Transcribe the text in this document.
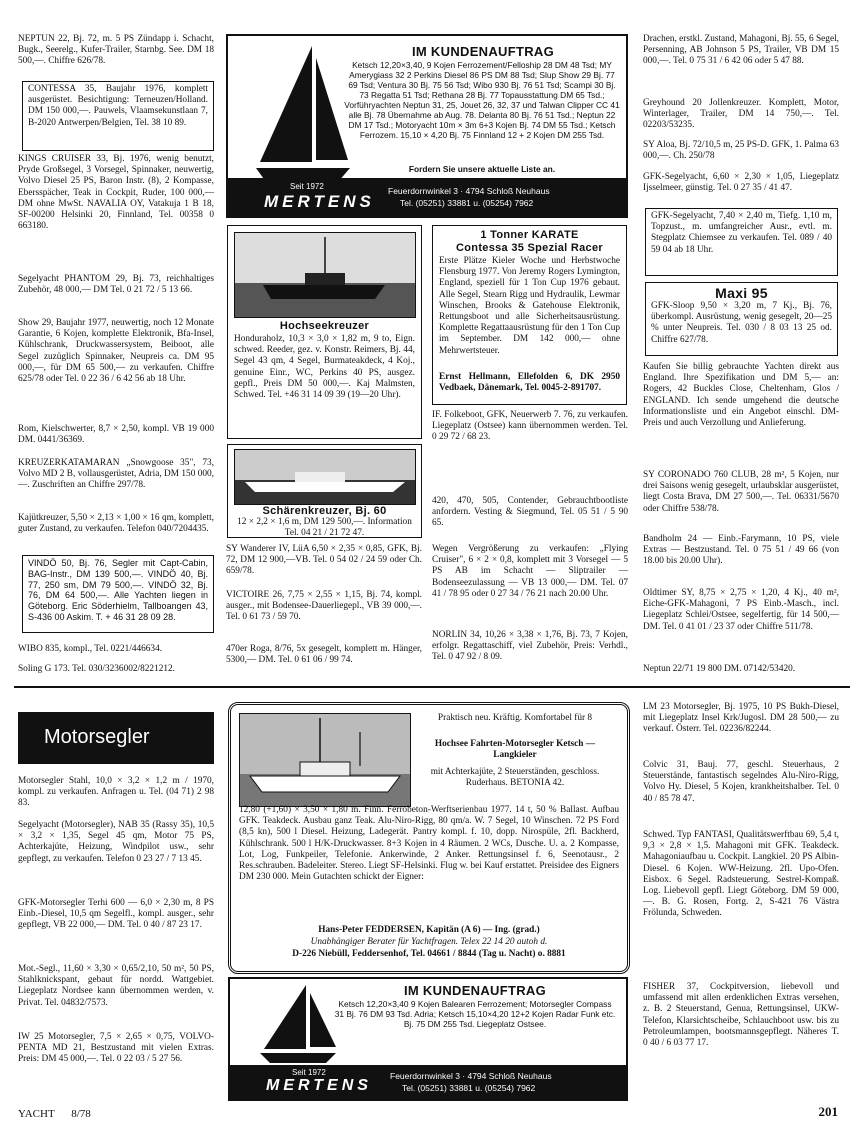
NEPTUN 22, Bj. 72, m. 5 PS Zündapp i. Schacht, Bugk., Seerelg., Kufer-Trailer, Starnbg. See. DM 18 500,—. Chiffre 626/78.

CONTESSA 35, Baujahr 1976, komplett ausgerüstet. Besichtigung: Terneuzen/Holland. DM 150 000,—. Pauwels, Vlaamsekunstlaan 7, B-2020 Antwerpen/Belgien, Tel. 38 10 89.

KINGS CRUISER 33, Bj. 1976, wenig benutzt, Pryde Großsegel, 3 Vorsegel, Spinnaker, neuwertig, Volvo Diesel 25 PS, Baron Instr. (8), 2 Kompasse, Ebersspächer, Teak in Cockpit, Ruder, 100 000,— DM ohne MwSt. NAVALIA OY, Vatakuja 1 B 18, SF-00200 Helsinki 20, Finnland, Tel. 00358 0 663180.

Segelyacht PHANTOM 29, Bj. 73, reichhaltiges Zubehör, 48 000,— DM Tel. 0 21 72 / 5 13 66.

Show 29, Baujahr 1977, neuwertig, noch 12 Monate Garantie, 6 Kojen, komplette Elektronik, Bfa-Insel, Kühlschrank, Druckwassersystem, Beiboot, alle Segel zuzüglich Spinnaker, Neupreis ca. DM 95 000,—, für DM 65 500,— zu verkaufen. Chiffre 625/78 oder Tel. 0 22 36 / 6 42 56 ab 18 Uhr.

Rom, Kielschwerter, 8,7 × 2,50, kompl. VB 19 000 DM. 0441/36369.

KREUZERKATAMARAN „Snowgoose 35", 73, Volvo MD 2 B, vollausgerüstet, Adria, DM 150 000,—. Zuschriften an Chiffre 297/78.

Kajütkreuzer, 5,50 × 2,13 × 1,00 × 16 qm, komplett, guter Zustand, zu verkaufen. Telefon 040/7204435.

VINDÖ 50, Bj. 76, Segler mit Capt-Cabin, BAG-Instr., DM 139 500,—. VINDÖ 40, Bj. 77, 250 sm, DM 79 500,—. VINDÖ 32, Bj. 76, DM 64 500,—. Alle Yachten liegen in Göteborg. Eric Söderhielm, Tallboangen 43, S-436 00 Askim. T. + 46 31 28 09 28.

WIBO 835, kompl., Tel. 0221/446634.

Soling G 173. Tel. 030/3236002/8221212.

IM KUNDENAUFTRAG
Ketsch 12,20×3,40, 9 Kojen Ferrozement/Felloship 28 DM 48 Tsd; MY Amerygiass 32 2 Perkins Diesel 86 PS DM 88 Tsd; Slup Show 29 Bj. 77 69 Tsd; Ventura 30 Bj. 75 56 Tsd; Wibo 930 Bj. 76 51 Tsd; Scampi 30 Bj. 73 Regatta 51 Tsd; Rethana 28 Bj. 77 Topausstattung DM 65 Tsd.; Vorführyachten Neptun 31, 25, Jouet 26, 32, 37 und Talwan Clipper CC 41 alle Bj. 78 Übernahme ab Aug. 78. Delanta 80 Bj. 76 51 Tsd.; Neptun 22 DM 17 Tsd.; Motoryacht 10m × 3m 6+3 Kojen Bj. 74 DM 55 Tsd.; Ketsch Ferrozem. 15,10 × 4,20 Bj. 75 Finnland 12 + 2 Kojen DM 255 Tsd.
Fordern Sie unsere aktuelle Liste an.
Seit 1972
MERTENS
Feuerdornwinkel 3 · 4794 Schloß Neuhaus
Tel. (05251) 33881 u. (05254) 7962
Hochseekreuzer

Honduraholz, 10,3 × 3,0 × 1,82 m, 9 to, Eign. schwed. Reeder, gez. v. Konstr. Reimers, Bj. 44, Segel 43 qm, 4 Segel, Burmateakdeck, 4 Koj., genuine Einr., WC, Perkins 40 PS, ausgez. gepfl., Preis DM 50 000,—. Kaj Malmsten, Schwed. Tel. +46 31 14 09 39 (19—20 Uhr).

Schärenkreuzer, Bj. 60

12 × 2,2 × 1,6 m, DM 129 500,—. Information Tel. 04 21 / 21 72 47.

SY Wanderer IV, LüA 6,50 × 2,35 × 0,85, GFK, Bj. 72, DM 12 900,—VB. Tel. 0 54 02 / 24 59 oder Ch. 659/78.

VICTOIRE 26, 7,75 × 2,55 × 1,15, Bj. 74, kompl. ausger., mit Bodensee-Dauerliegepl., VB 39 000,—. Tel. 0 61 73 / 59 70.

470er Roga, 8/76, 5x gesegelt, komplett m. Hänger, 5300,— DM. Tel. 0 61 06 / 99 74.

1 Tonner KARATE
Contessa 35 Spezial Racer

Erste Plätze Kieler Woche und Herbstwoche Flensburg 1977. Von Jeremy Rogers Lymington, England, speziell für 1 Ton Cup 1976 gebaut. Alle Segel, Stearn Rigg und Hydraulik, Lewmar Winschen, Brooks & Gatehouse Elektronik, Rettungsboot und alle Sicherheitsausrüstung. Komplette Regattaausrüstung für den 1 Ton Cup im September. DM 142 000,— ohne Mehrwertsteuer.

Ernst Hellmann, Ellefolden 6, DK 2950 Vedbaek, Dänemark, Tel. 0045-2-891707.

IF. Folkeboot, GFK, Neuerwerb 7. 76, zu verkaufen. Liegeplatz (Ostsee) kann übernommen werden. Tel. 0 29 72 / 68 23.

420, 470, 505, Contender, Gebrauchtbootliste anfordern. Vesting & Siegmund, Tel. 05 51 / 5 90 65.

Wegen Vergrößerung zu verkaufen: „Flying Cruiser", 6 × 2 × 0,8, komplett mit 3 Vorsegel — 5 PS AB im Schacht — Sliptrailer — Bodenseezulassung — VB 13 000,— DM. Tel. 07 41 / 78 95 oder 0 27 34 / 76 21 nach 20.00 Uhr.

NORLIN 34, 10,26 × 3,38 × 1,76, Bj. 73, 7 Kojen, erfolgr. Regattaschiff, viel Zubehör, Preis: Verhdl., Tel. 0 47 92 / 8 09.

Drachen, erstkl. Zustand, Mahagoni, Bj. 55, 6 Segel, Persenning, AB Johnson 5 PS, Trailer, VB DM 15 000,—. Tel. 0 75 31 / 6 42 06 oder 5 47 88.

Greyhound 20 Jollenkreuzer. Komplett, Motor, Winterlager, Trailer, DM 14 750,—. Tel. 02203/53235.

SY Aloa, Bj. 72/10,5 m, 25 PS-D. GFK, 1. Palma 63 000,—. Ch. 250/78

GFK-Segelyacht, 6,60 × 2,30 × 1,05, Liegeplatz Ijsselmeer, günstig. Tel. 0 27 35 / 41 47.

GFK-Segelyacht, 7,40 × 2,40 m, Tiefg. 1,10 m, Topzust., m. umfangreicher Ausr., evtl. m. Stegplatz Chiemsee zu verkaufen. Tel. 089 / 40 59 04 ab 18 Uhr.

Maxi 95

GFK-Sloop 9,50 × 3,20 m, 7 Kj., Bj. 76, überkompl. Ausrüstung, wenig gesegelt, 20—25 % unter Neupreis. Tel. 030 / 8 03 13 25 od. Chiffre 627/78.

Kaufen Sie billig gebrauchte Yachten direkt aus England. Ihre Spezifikation und DM 5,— an: Rogers, 42 Buckles Close, Cheltenham, Glos / ENGLAND. Ich sende umgehend die deutsche Informationsliste und ein Angebot einschl. DM-Preis und auch Verzollung und Anlieferung.

SY CORONADO 760 CLUB, 28 m², 5 Kojen, nur drei Saisons wenig gesegelt, urlaubsklar ausgerüstet, liegt Costa Brava, DM 27 500,—. Tel. 06331/5670 oder Chiffre 538/78.

Bandholm 24 — Einb.-Farymann, 10 PS, viele Extras — Bestzustand. Tel. 0 75 51 / 49 66 (von 18.00 bis 20.00 Uhr).

Oldtimer SY, 8,75 × 2,75 × 1,20, 4 Kj., 40 m², Eiche-GFK-Mahagoni, 7 PS Einb.-Masch., incl. Liegeplatz Schlei/Ostsee, segelfertig, für 14 500,— DM. Tel. 0 41 01 / 23 37 oder Chiffre 511/78.

Neptun 22/71 19 800 DM. 07142/53420.

Motorsegler

Motorsegler Stahl, 10,0 × 3,2 × 1,2 m / 1970, kompl. zu verkaufen. Anfragen u. Tel. (04 71) 2 98 83.

Segelyacht (Motorsegler), NAB 35 (Rassy 35), 10,5 × 3,2 × 1,35, Segel 45 qm, Motor 75 PS, Achterkajüte, Heizung, Windpilot usw., sehr gepflegt, zu verkaufen. Telefon 0 23 27 / 7 13 45.

GFK-Motorsegler Terhi 600 — 6,0 × 2,30 m, 8 PS Einb.-Diesel, 10,5 qm Segelfl., kompl. ausger., sehr gepflegt, VB 22 000,— DM. Tel. 0 40 / 87 23 17.

Mot.-Segl., 11,60 × 3,30 × 0,65/2,10, 50 m², 50 PS, Stahlknickspant, gebaut für nordd. Wattgebiet. Liegeplatz Nordsee kann übernommen werden, v. Privat. Tel. 04832/7573.

IW 25 Motorsegler, 7,5 × 2,65 × 0,75, VOLVO-PENTA MD 21, Bestzustand mit vielen Extras. Preis: DM 45 000,—. Tel. 0 22 03 / 5 27 56.

Praktisch neu. Kräftig. Komfortabel für 8

Hochsee Fahrten-Motorsegler Ketsch — Langkieler

mit Achterkajüte, 2 Steuerständen, geschloss. Ruderhaus. BETONIA 42.

12,80 (+1,60) × 3,50 × 1,80 m. Finn. Ferrobeton-Werftserienbau 1977. 14 t, 50 % Ballast. Aufbau GFK. Teakdeck. Ausbau ganz Teak. Alu-Niro-Rigg, 80 qm/a. W. 7 Segel, 10 Winschen. 72 PS Ford (8,5 kn), 500 l Diesel. Heizung, Ladegerät. Pantry kompl. f. 10, dopp. Nirospüle, 2fl. Backherd, Kühlschrank. 500 l H/K-Druckwasser. 8+3 Kojen in 4 Räumen. 2 WCs, Dusche. U. a. 2 Kompasse, Lot, Log, Funkpeiler, Telefonie. Ankerwinde, 2 Anker. Rettungsinsel f. 6, Seenotausr., 2 Res.schrauben. Badeleiter. Stereo. Liegt SF-Helsinki. Flug w. bei Kauf erstattet. Preisidee des Eigners DM 230 000. Mein Gutachten schickt der Eigner:

Hans-Peter FEDDERSEN, Kapitän (A 6) — Ing. (grad.)

Unabhängiger Berater für Yachtfragen. Telex 22 14 20 autoh d.

D-226 Niebüll, Feddersenhof, Tel. 04661 / 8844 (Tag u. Nacht) o. 8881

IM KUNDENAUFTRAG
Ketsch 12,20×3,40 9 Kojen Balearen Ferrozement; Motorsegler Compass 31 Bj. 76 DM 93 Tsd. Adria; Ketsch 15,10×4,20 12+2 Kojen Radar Funk etc. Bj. 75 DM 255 Tsd. Liegeplatz Ostsee.
Seit 1972
MERTENS
Feuerdornwinkel 3 · 4794 Schloß Neuhaus
Tel. (05251) 33881 u. (05254) 7962

LM 23 Motorsegler, Bj. 1975, 10 PS Bukh-Diesel, mit Liegeplatz Insel Krk/Jugosl. DM 28 500,— zu verkauf. Österr. Tel. 02236/82244.

Colvic 31, Bauj. 77, geschl. Steuerhaus, 2 Steuerstände, fantastisch segelndes Alu-Niro-Rigg, Volvo Hy. Diesel, 5 Kojen, krankheitshalber. Tel. 0 40 / 85 78 47.

Schwed. Typ FANTASI, Qualitätswerftbau 69, 5,4 t, 9,3 × 2,8 × 1,5. Mahagoni mit GFK. Teakdeck. Mahagoniaufbau u. Cockpit. Langkiel. 20 PS Albin-Diesel. 6 Kojen. WW-Heizung. 2fl. Upo-Ofen. Eisbox. 6 Segel. Radsteuerung. Sestrel-Kompaß. Log. Liebevoll gepfl. Liegt Göteborg. DM 59 000,—. B. G. Rosen, Fortg. 2, S-421 76 Västra Frölunda, Schweden.

FISHER 37, Cockpitversion, liebevoll und umfassend mit allen erdenklichen Extras versehen, z. B. 2 Steuerstand, Genua, Rettungsinsel, UKW-Telefon, Klarsichtscheibe, Schlauchboot usw. bis zu Petroleumlampen, bootsmannsgepflegt. Näheres T. 0 40 / 6 03 77 17.

YACHT 8/78	201
